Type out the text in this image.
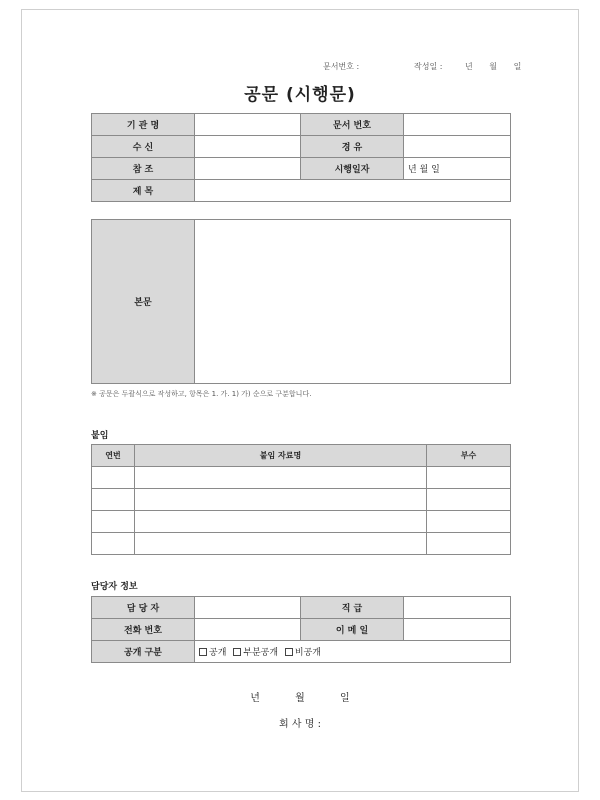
문서번호 :	작성일 :	년 월 일
공문 (시행문)
기 관 명		문서 번호	
수 신		경 유	
참 조		시행일자	년 월 일
제 목			
본문	
※ 공문은 두괄식으로 작성하고, 항목은 1. 가. 1) 가) 순으로 구분합니다.
붙임
연번	붙임 자료명	부수

담당자 정보
담 당 자		직 급	
전화 번호		이 메 일	
공개 구분	공개 부분공개 비공개		
년	월	일
회 사 명 :
